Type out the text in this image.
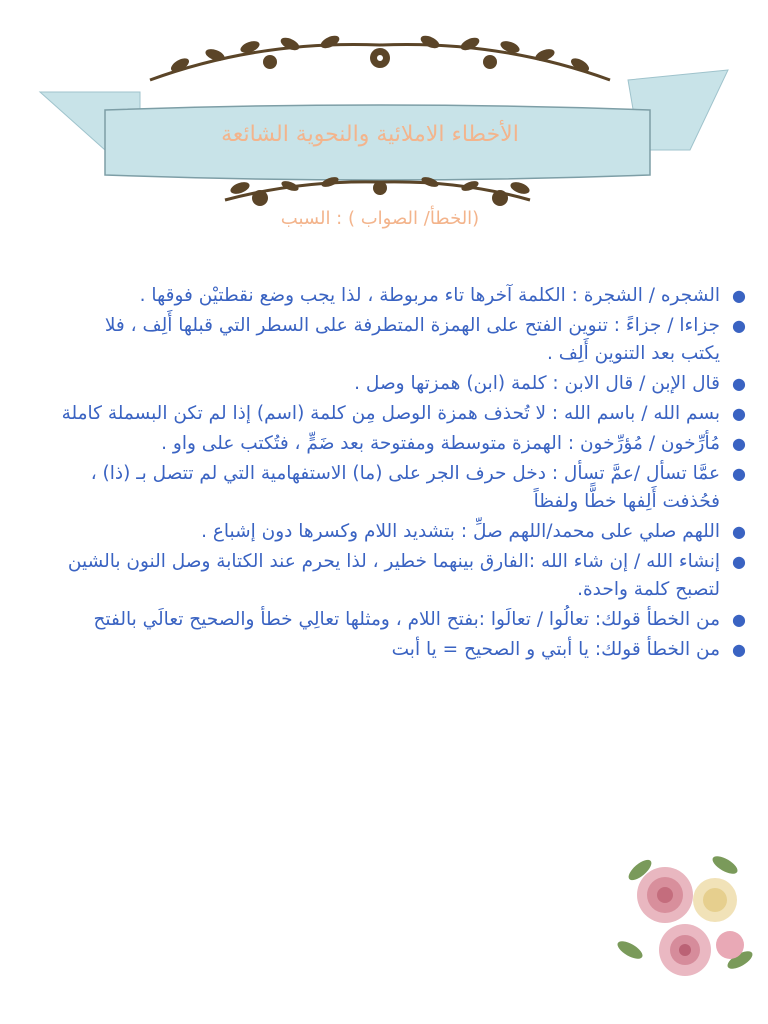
الأخطاء الاملائية والنحوية الشائعة
(الخطأ/ الصواب ) : السبب
●
الشجره / الشجرة : الكلمة آخرها تاء مربوطة ، لذا يجب وضع نقطتيْن فوقها .
●
جزاءا / جزاءً : تنوين الفتح على الهمزة المتطرفة على السطر التي قبلها أَلِف ، فلا يكتب بعد التنوين أَلِف .
●
قال الإبن / قال الابن : كلمة (ابن) همزتها وصل .
●
بسم الله / باسم الله : لا تُحذف همزة الوصل مِن كلمة (اسم) إذا لم تكن البسملة كاملة
●
مُأرِّخون / مُؤرِّخون : الهمزة متوسطة ومفتوحة بعد ضَمٍّ ، فتُكتب على واو .
●
عمَّا تسأل /عمَّ تسأل : دخل حرف الجر على (ما) الاستفهامية التي لم تتصل بـ (ذا) ، فحُذفت أَلِفها خطًّا ولفظاً
●
اللهم صلي على محمد/اللهم صلِّ : بتشديد اللام وكسرها دون إشباع .
●
إنشاء الله / إن شاء الله :الفارق بينهما خطير ، لذا يحرم عند الكتابة وصل النون بالشين لتصبح كلمة واحدة.
●
من الخطأ قولك: تعالُوا / تعالَوا :بفتح اللام ، ومثلها تعالِي خطأ والصحيح تعالَي بالفتح
●
من الخطأ قولك: يا أبتي و الصحيح = يا أبت
